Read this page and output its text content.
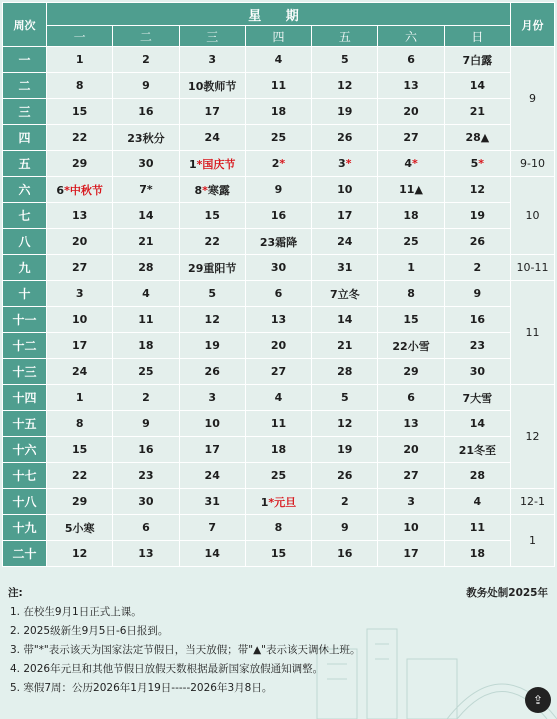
周次	星 期							月份
	一	二	三	四	五	六	日	
一	1	2	3	4	5	6	7白露	9
二	8	9	10教师节	11	12	13	14	
三	15	16	17	18	19	20	21	
四	22	23秋分	24	25	26	27	28▲	
五	29	30	1*国庆节	2*	3*	4*	5*	9-10
六	6*中秋节	7*	8*寒露	9	10	11▲	12	10
七	13	14	15	16	17	18	19	
八	20	21	22	23霜降	24	25	26	
九	27	28	29重阳节	30	31	1	2	10-11
十	3	4	5	6	7立冬	8	9	11
十一	10	11	12	13	14	15	16	
十二	17	18	19	20	21	22小雪	23	
十三	24	25	26	27	28	29	30	
十四	1	2	3	4	5	6	7大雪	12
十五	8	9	10	11	12	13	14	
十六	15	16	17	18	19	20	21冬至	
十七	22	23	24	25	26	27	28	
十八	29	30	31	1*元旦	2	3	4	12-1
十九	5小寒	6	7	8	9	10	11	1
二十	12	13	14	15	16	17	18	
注:	教务处制2025年

1. 在校生9月1日正式上课。

2. 2025级新生9月5日-6日报到。

3. 带"*"表示该天为国家法定节假日，当天放假；带"▲"表示该天调休上班。

4. 2026年元旦和其他节假日放假天数根据最新国家放假通知调整。

5. 寒假7周：公历2026年1月19日-----2026年3月8日。

⇪
